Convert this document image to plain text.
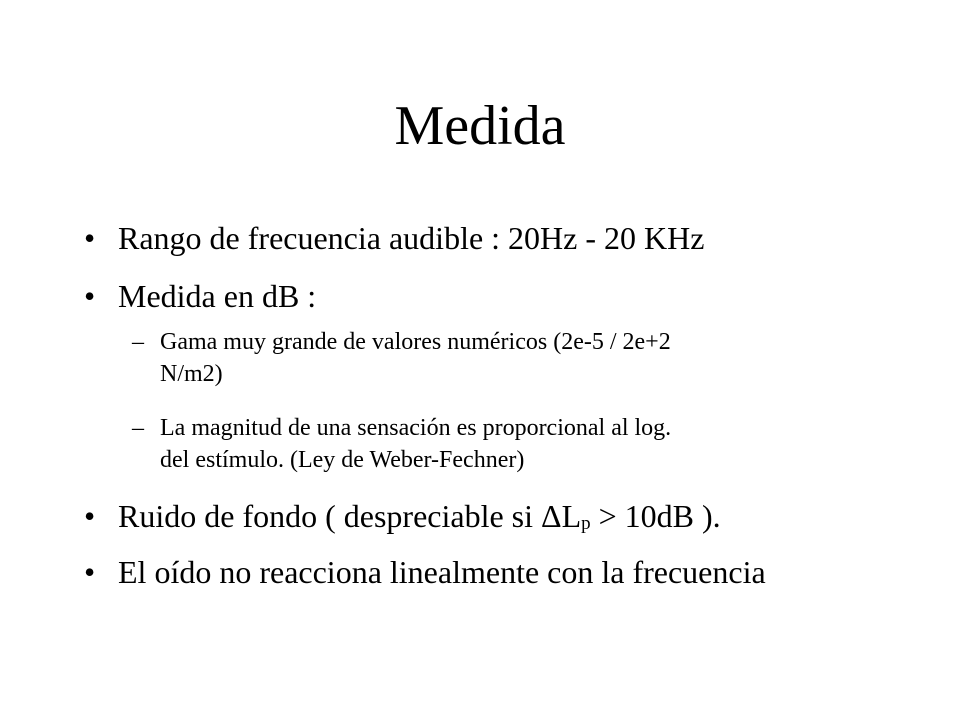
Medida
• Rango de frecuencia audible : 20Hz - 20 KHz
• Medida en dB :
– Gama muy grande de valores numéricos (2e-5 / 2e+2
N/m2)
– La magnitud de una sensación es proporcional al log.
del estímulo. (Ley de Weber-Fechner)
• Ruido de fondo ( despreciable si ΔLp > 10dB ).
• El oído no reacciona linealmente con la frecuencia
